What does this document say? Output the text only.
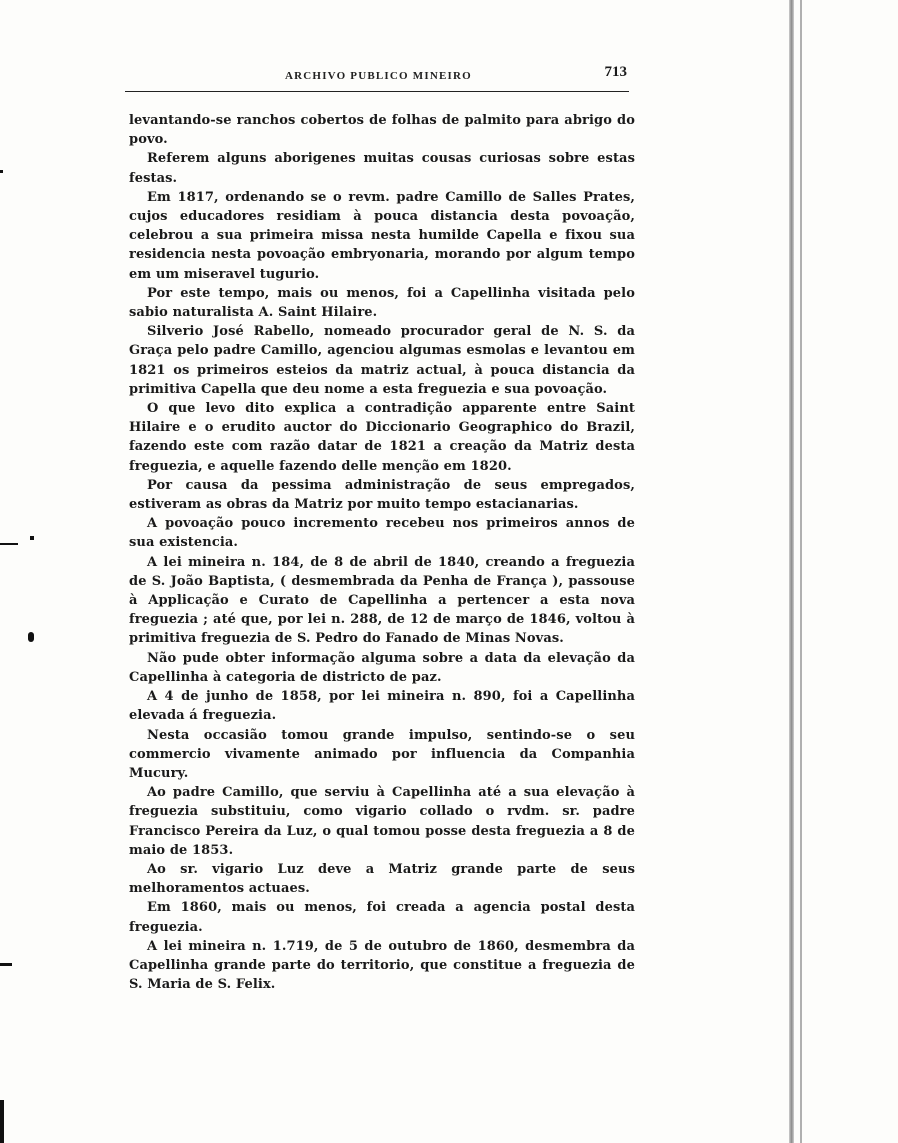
ARCHIVO PUBLICO MINEIRO	713

levantando-se ranchos cobertos de folhas de palmito para abrigo do povo.

Referem alguns aborigenes muitas cousas curiosas sobre estas festas.

Em 1817, ordenando se o revm. padre Camillo de Salles Prates, cujos educadores residiam à pouca distancia desta povoação, celebrou a sua primeira missa nesta humilde Capella e fixou sua residencia nesta povoação embryonaria, morando por algum tempo em um miseravel tugurio.

Por este tempo, mais ou menos, foi a Capellinha visitada pelo sabio naturalista A. Saint Hilaire.

Silverio José Rabello, nomeado procurador geral de N. S. da Graça pelo padre Camillo, agenciou algumas esmolas e levantou em 1821 os primeiros esteios da matriz actual, à pouca distancia da primitiva Capella que deu nome a esta freguezia e sua povoação.

O que levo dito explica a contradição apparente entre Saint Hilaire e o erudito auctor do Diccionario Geographico do Brazil, fazendo este com razão datar de 1821 a creação da Matriz desta freguezia, e aquelle fazendo delle menção em 1820.

Por causa da pessima administração de seus empregados, estiveram as obras da Matriz por muito tempo estacianarias.

A povoação pouco incremento recebeu nos primeiros annos de sua existencia.

A lei mineira n. 184, de 8 de abril de 1840, creando a freguezia de S. João Baptista, ( desmembrada da Penha de França ), passouse à Applicação e Curato de Capellinha a pertencer a esta nova freguezia ; até que, por lei n. 288, de 12 de março de 1846, voltou à primitiva freguezia de S. Pedro do Fanado de Minas Novas.

Não pude obter informação alguma sobre a data da elevação da Capellinha à categoria de districto de paz.

A 4 de junho de 1858, por lei mineira n. 890, foi a Capellinha elevada á freguezia.

Nesta occasião tomou grande impulso, sentindo-se o seu commercio vivamente animado por influencia da Companhia Mucury.

Ao padre Camillo, que serviu à Capellinha até a sua elevação à freguezia substituiu, como vigario collado o rvdm. sr. padre Francisco Pereira da Luz, o qual tomou posse desta freguezia a 8 de maio de 1853.

Ao sr. vigario Luz deve a Matriz grande parte de seus melhoramentos actuaes.

Em 1860, mais ou menos, foi creada a agencia postal desta freguezia.

A lei mineira n. 1.719, de 5 de outubro de 1860, desmembra da Capellinha grande parte do territorio, que constitue a freguezia de S. Maria de S. Felix.
